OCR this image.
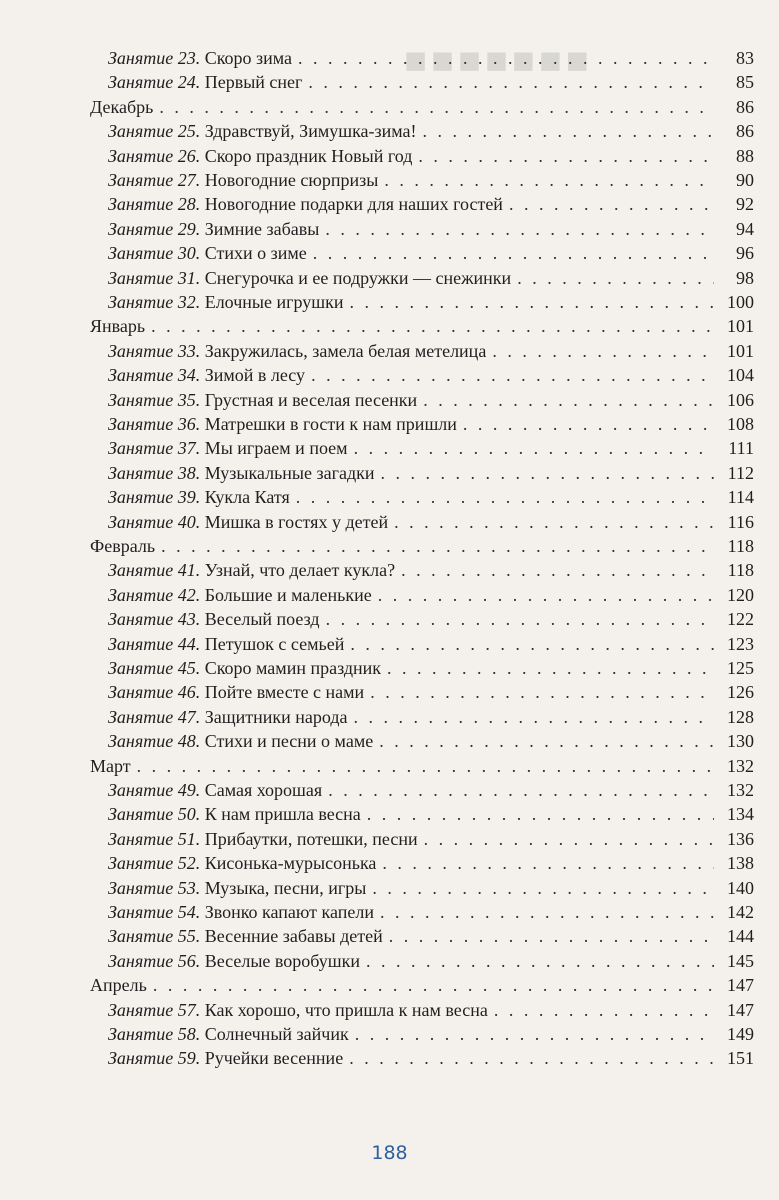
■■■■■■■
Занятие 23. Скоро зима . . .	83
Занятие 24. Первый снег . . .	85
Декабрь . . .	86
Занятие 25. Здравствуй, Зимушка-зима! . . .	86
Занятие 26. Скоро праздник Новый год . . .	88
Занятие 27. Новогодние сюрпризы . . .	90
Занятие 28. Новогодние подарки для наших гостей . . .	92
Занятие 29. Зимние забавы . . .	94
Занятие 30. Стихи о зиме . . .	96
Занятие 31. Снегурочка и ее подружки — снежинки . . .	98
Занятие 32. Елочные игрушки . . .	100
Январь . . .	101
Занятие 33. Закружилась, замела белая метелица . . .	101
Занятие 34. Зимой в лесу . . .	104
Занятие 35. Грустная и веселая песенки . . .	106
Занятие 36. Матрешки в гости к нам пришли . . .	108
Занятие 37. Мы играем и поем . . .	111
Занятие 38. Музыкальные загадки . . .	112
Занятие 39. Кукла Катя . . .	114
Занятие 40. Мишка в гостях у детей . . .	116
Февраль . . .	118
Занятие 41. Узнай, что делает кукла? . . .	118
Занятие 42. Большие и маленькие . . .	120
Занятие 43. Веселый поезд . . .	122
Занятие 44. Петушок с семьей . . .	123
Занятие 45. Скоро мамин праздник . . .	125
Занятие 46. Пойте вместе с нами . . .	126
Занятие 47. Защитники народа . . .	128
Занятие 48. Стихи и песни о маме . . .	130
Март . . .	132
Занятие 49. Самая хорошая . . .	132
Занятие 50. К нам пришла весна . . .	134
Занятие 51. Прибаутки, потешки, песни . . .	136
Занятие 52. Кисонька-мурысонька . . .	138
Занятие 53. Музыка, песни, игры . . .	140
Занятие 54. Звонко капают капели . . .	142
Занятие 55. Весенние забавы детей . . .	144
Занятие 56. Веселые воробушки . . .	145
Апрель . . .	147
Занятие 57. Как хорошо, что пришла к нам весна . . .	147
Занятие 58. Солнечный зайчик . . .	149
Занятие 59. Ручейки весенние . . .	151
188
